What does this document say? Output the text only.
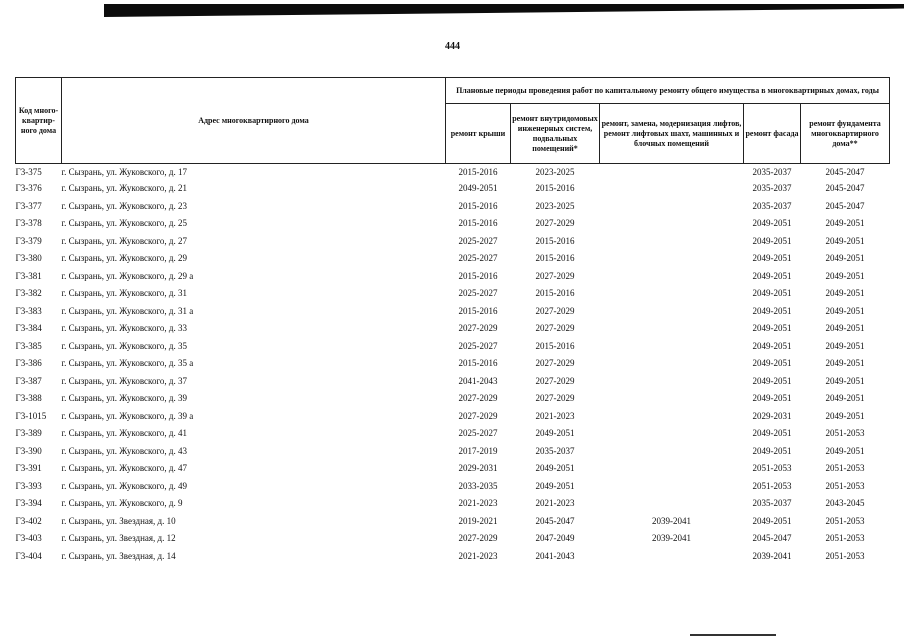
444
Код много-квартир-ного дома	Адрес многоквартирного дома	Плановые периоды проведения работ по капитальному ремонту общего имущества в многоквартирных домах, годы				
		ремонт крыши	ремонт внутридомовых инженерных систем, подвальных помещений*	ремонт, замена, модернизация лифтов, ремонт лифтовых шахт, машинных и блочных помещений	ремонт фасада	ремонт фундамента многоквартирного дома**
Г3-375	г. Сызрань, ул. Жуковского, д. 17	2015-2016	2023-2025		2035-2037	2045-2047
Г3-376	г. Сызрань, ул. Жуковского, д. 21	2049-2051	2015-2016		2035-2037	2045-2047
Г3-377	г. Сызрань, ул. Жуковского, д. 23	2015-2016	2023-2025		2035-2037	2045-2047
Г3-378	г. Сызрань, ул. Жуковского, д. 25	2015-2016	2027-2029		2049-2051	2049-2051
Г3-379	г. Сызрань, ул. Жуковского, д. 27	2025-2027	2015-2016		2049-2051	2049-2051
Г3-380	г. Сызрань, ул. Жуковского, д. 29	2025-2027	2015-2016		2049-2051	2049-2051
Г3-381	г. Сызрань, ул. Жуковского, д. 29 а	2015-2016	2027-2029		2049-2051	2049-2051
Г3-382	г. Сызрань, ул. Жуковского, д. 31	2025-2027	2015-2016		2049-2051	2049-2051
Г3-383	г. Сызрань, ул. Жуковского, д. 31 а	2015-2016	2027-2029		2049-2051	2049-2051
Г3-384	г. Сызрань, ул. Жуковского, д. 33	2027-2029	2027-2029		2049-2051	2049-2051
Г3-385	г. Сызрань, ул. Жуковского, д. 35	2025-2027	2015-2016		2049-2051	2049-2051
Г3-386	г. Сызрань, ул. Жуковского, д. 35 а	2015-2016	2027-2029		2049-2051	2049-2051
Г3-387	г. Сызрань, ул. Жуковского, д. 37	2041-2043	2027-2029		2049-2051	2049-2051
Г3-388	г. Сызрань, ул. Жуковского, д. 39	2027-2029	2027-2029		2049-2051	2049-2051
Г3-1015	г. Сызрань, ул. Жуковского, д. 39 а	2027-2029	2021-2023		2029-2031	2049-2051
Г3-389	г. Сызрань, ул. Жуковского, д. 41	2025-2027	2049-2051		2049-2051	2051-2053
Г3-390	г. Сызрань, ул. Жуковского, д. 43	2017-2019	2035-2037		2049-2051	2049-2051
Г3-391	г. Сызрань, ул. Жуковского, д. 47	2029-2031	2049-2051		2051-2053	2051-2053
Г3-393	г. Сызрань, ул. Жуковского, д. 49	2033-2035	2049-2051		2051-2053	2051-2053
Г3-394	г. Сызрань, ул. Жуковского, д. 9	2021-2023	2021-2023		2035-2037	2043-2045
Г3-402	г. Сызрань, ул. Звездная, д. 10	2019-2021	2045-2047	2039-2041	2049-2051	2051-2053
Г3-403	г. Сызрань, ул. Звездная, д. 12	2027-2029	2047-2049	2039-2041	2045-2047	2051-2053
Г3-404	г. Сызрань, ул. Звездная, д. 14	2021-2023	2041-2043		2039-2041	2051-2053
